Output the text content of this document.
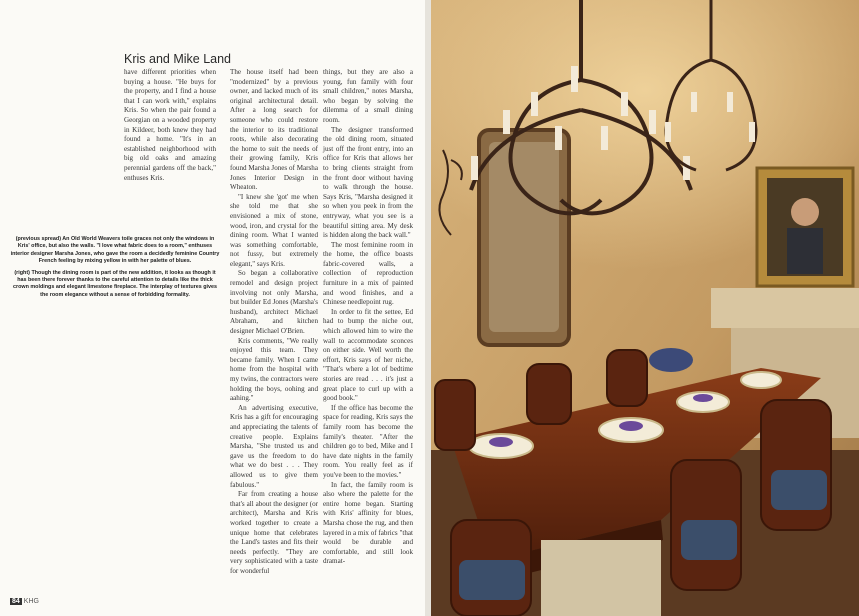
Kris and Mike Land

have different priorities when buying a house. "He buys for the property, and I find a house that I can work with," explains Kris. So when the pair found a Georgian on a wooded property in Kildeer, both knew they had found a home. "It's in an established neighborhood with big old oaks and amazing perennial gardens off the back," enthuses Kris.

The house itself had been "modernized" by a previous owner, and lacked much of its original architectural detail. After a long search for someone who could restore the interior to its traditional roots, while also decorating the home to suit the needs of their growing family, Kris found Marsha Jones of Marsha Jones Interior Design in Wheaton.

"I knew she 'got' me when she told me that she envisioned a mix of stone, wood, iron, and crystal for the dining room. What I wanted was something comfortable, not fussy, but extremely elegant," says Kris.

So began a collaborative remodel and design project involving not only Marsha, but builder Ed Jones (Marsha's husband), architect Michael Abraham, and kitchen designer Michael O'Brien.

Kris comments, "We really enjoyed this team. They became family. When I came home from the hospital with my twins, the contractors were holding the boys, oohing and aahing."

An advertising executive, Kris has a gift for encouraging and appreciating the talents of creative people. Explains Marsha, "She trusted us and gave us the freedom to do what we do best . . . They allowed us to give them fabulous."

Far from creating a house that's all about the designer (or architect), Marsha and Kris worked together to create a unique home that celebrates the Land's tastes and fits their needs perfectly. "They are very sophisticated with a taste for wonderful

things, but they are also a young, fun family with four small children," notes Marsha, who began by solving the dilemma of a small dining room.

The designer transformed the old dining room, situated just off the front entry, into an office for Kris that allows her to bring clients straight from the front door without having to walk through the house. Says Kris, "Marsha designed it so when you peek in from the entryway, what you see is a beautiful sitting area. My desk is hidden along the back wall."

The most feminine room in the home, the office boasts fabric-covered walls, a collection of reproduction furniture in a mix of painted and wood finishes, and a Chinese needlepoint rug.

In order to fit the settee, Ed had to bump the niche out, which allowed him to wire the wall to accommodate sconces on either side. Well worth the effort, Kris says of her niche, "That's where a lot of bedtime stories are read . . . it's just a great place to curl up with a good book."

If the office has become the space for reading, Kris says the family room has become the family's theater. "After the children go to bed, Mike and I have date nights in the family room. You really feel as if you've been to the movies."

In fact, the family room is also where the palette for the entire home began. Starting with Kris' affinity for blues, Marsha chose the rug, and then layered in a mix of fabrics "that would be durable and comfortable, and still look dramat-

(previous spread) An Old World Weavers toile graces not only the windows in Kris' office, but also the walls. "I love what fabric does to a room," enthuses interior designer Marsha Jones, who gave the room a decidedly feminine Country French feeling by mixing yellow in with her palette of blues.

(right) Though the dining room is part of the new addition, it looks as though it has been there forever thanks to the careful attention to details like the thick crown moldings and elegant limestone fireplace. The interplay of textures gives the room elegance without a sense of forbidding formality.

84 KHG
